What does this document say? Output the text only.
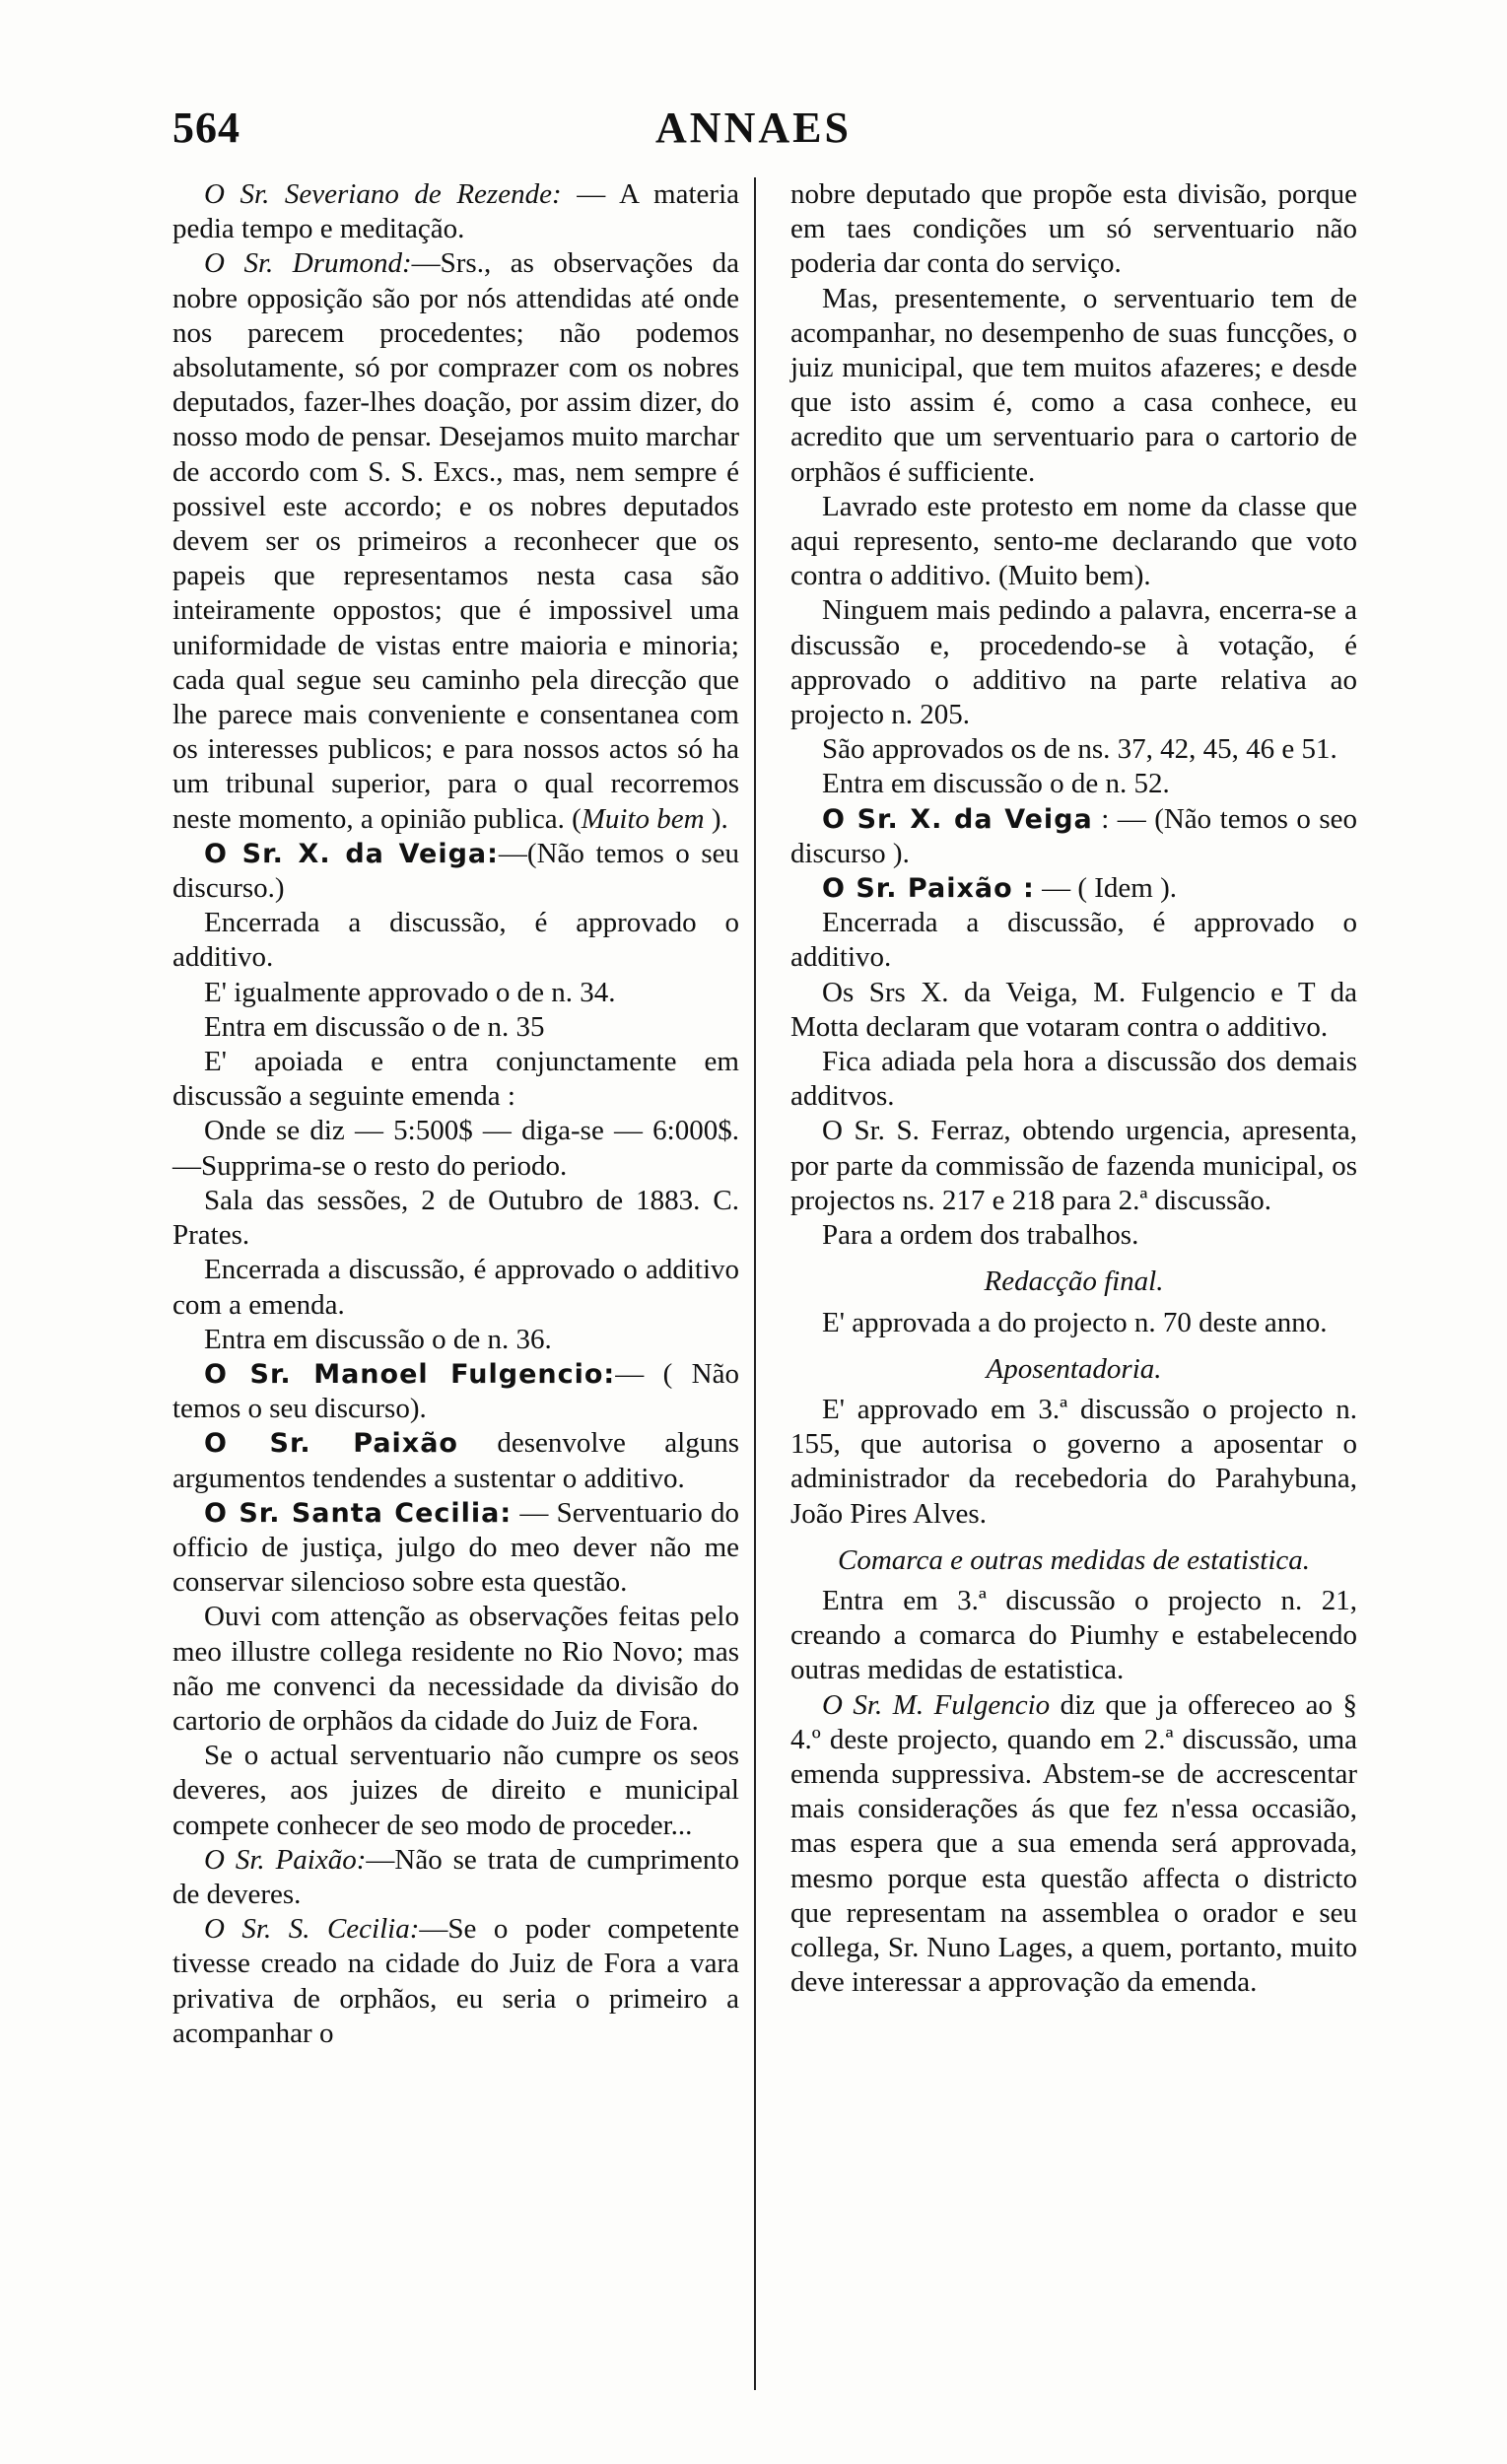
564	ANNAES

O Sr. Severiano de Rezende: — A materia pedia tempo e meditação.

O Sr. Drumond:—Srs., as observações da nobre opposição são por nós attendidas até onde nos parecem procedentes; não podemos absolutamente, só por comprazer com os nobres deputados, fazer-lhes doação, por assim dizer, do nosso modo de pensar. Desejamos muito marchar de accordo com S. S. Excs., mas, nem sempre é possivel este accordo; e os nobres deputados devem ser os primeiros a reconhecer que os papeis que representamos nesta casa são inteiramente oppostos; que é impossivel uma uniformidade de vistas entre maioria e minoria; cada qual segue seu caminho pela direcção que lhe parece mais conveniente e consentanea com os interesses publicos; e para nossos actos só ha um tribunal superior, para o qual recorremos neste momento, a opinião publica. (Muito bem ).

O Sr. X. da Veiga:—(Não temos o seu discurso.)

Encerrada a discussão, é approvado o additivo.

E' igualmente approvado o de n. 34.

Entra em discussão o de n. 35

E' apoiada e entra conjunctamente em discussão a seguinte emenda :

Onde se diz — 5:500$ — diga-se — 6:000$.—Supprima-se o resto do periodo.

Sala das sessões, 2 de Outubro de 1883. C. Prates.

Encerrada a discussão, é approvado o additivo com a emenda.

Entra em discussão o de n. 36.

O Sr. Manoel Fulgencio:— ( Não temos o seu discurso).

O Sr. Paixão desenvolve alguns argumentos tendendes a sustentar o additivo.

O Sr. Santa Cecilia: — Serventuario do officio de justiça, julgo do meo dever não me conservar silencioso sobre esta questão.

Ouvi com attenção as observações feitas pelo meo illustre collega residente no Rio Novo; mas não me convenci da necessidade da divisão do cartorio de orphãos da cidade do Juiz de Fora.

Se o actual serventuario não cumpre os seos deveres, aos juizes de direito e municipal compete conhecer de seo modo de proceder...

O Sr. Paixão:—Não se trata de cumprimento de deveres.

O Sr. S. Cecilia:—Se o poder competente tivesse creado na cidade do Juiz de Fora a vara privativa de orphãos, eu seria o primeiro a acompanhar o

nobre deputado que propõe esta divisão, porque em taes condições um só serventuario não poderia dar conta do serviço.

Mas, presentemente, o serventuario tem de acompanhar, no desempenho de suas funcções, o juiz municipal, que tem muitos afazeres; e desde que isto assim é, como a casa conhece, eu acredito que um serventuario para o cartorio de orphãos é sufficiente.

Lavrado este protesto em nome da classe que aqui represento, sento-me declarando que voto contra o additivo. (Muito bem).

Ninguem mais pedindo a palavra, encerra-se a discussão e, procedendo-se à votação, é approvado o additivo na parte relativa ao projecto n. 205.

São approvados os de ns. 37, 42, 45, 46 e 51.

Entra em discussão o de n. 52.

O Sr. X. da Veiga : — (Não temos o seo discurso ).

O Sr. Paixão : — ( Idem ).

Encerrada a discussão, é approvado o additivo.

Os Srs X. da Veiga, M. Fulgencio e T da Motta declaram que votaram contra o additivo.

Fica adiada pela hora a discussão dos demais additvos.

O Sr. S. Ferraz, obtendo urgencia, apresenta, por parte da commissão de fazenda municipal, os projectos ns. 217 e 218 para 2.ª discussão.

Para a ordem dos trabalhos.

Redacção final.

E' approvada a do projecto n. 70 deste anno.

Aposentadoria.

E' approvado em 3.ª discussão o projecto n. 155, que autorisa o governo a aposentar o administrador da recebedoria do Parahybuna, João Pires Alves.

Comarca e outras medidas de estatistica.

Entra em 3.ª discussão o projecto n. 21, creando a comarca do Piumhy e estabelecendo outras medidas de estatistica.

O Sr. M. Fulgencio diz que ja offereceo ao § 4.º deste projecto, quando em 2.ª discussão, uma emenda suppressiva. Abstem-se de accrescentar mais considerações ás que fez n'essa occasião, mas espera que a sua emenda será approvada, mesmo porque esta questão affecta o districto que representam na assemblea o orador e seu collega, Sr. Nuno Lages, a quem, portanto, muito deve interessar a approvação da emenda.
